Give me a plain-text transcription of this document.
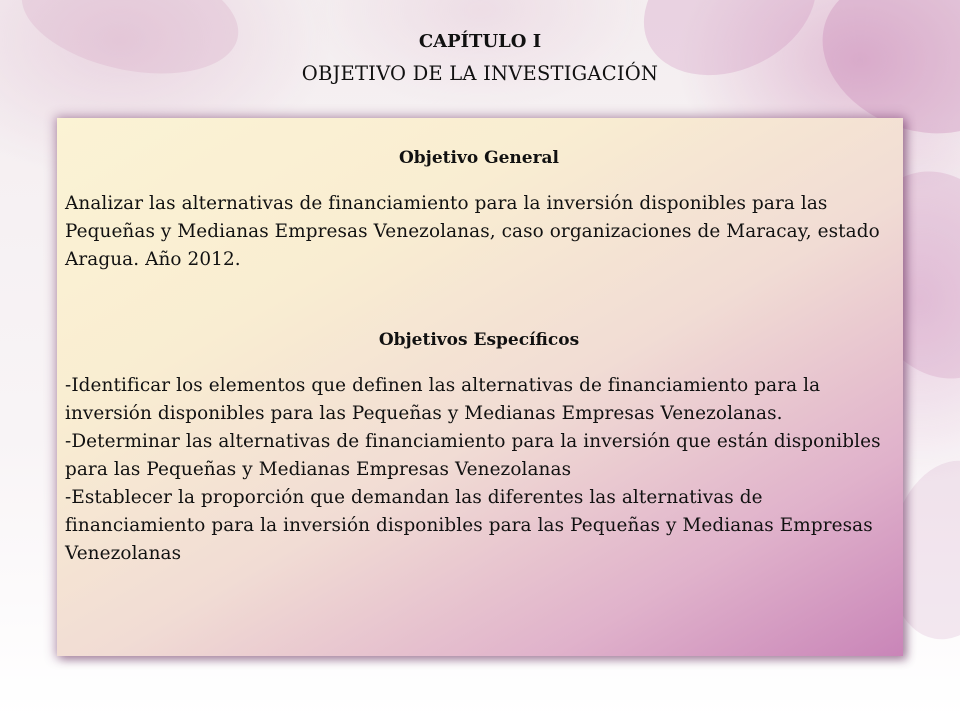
CAPÍTULO I
OBJETIVO DE LA INVESTIGACIÓN
Objetivo General

Analizar las alternativas de financiamiento para la inversión disponibles para las Pequeñas y Medianas Empresas Venezolanas, caso organizaciones de Maracay, estado Aragua. Año 2012.

Objetivos Específicos
-Identificar los elementos que definen las alternativas de financiamiento para la inversión disponibles para las Pequeñas y Medianas Empresas Venezolanas.
-Determinar las alternativas de financiamiento para la inversión que están disponibles para las Pequeñas y Medianas Empresas Venezolanas
-Establecer la proporción que demandan las diferentes las alternativas de financiamiento para la inversión disponibles para las Pequeñas y Medianas Empresas Venezolanas
